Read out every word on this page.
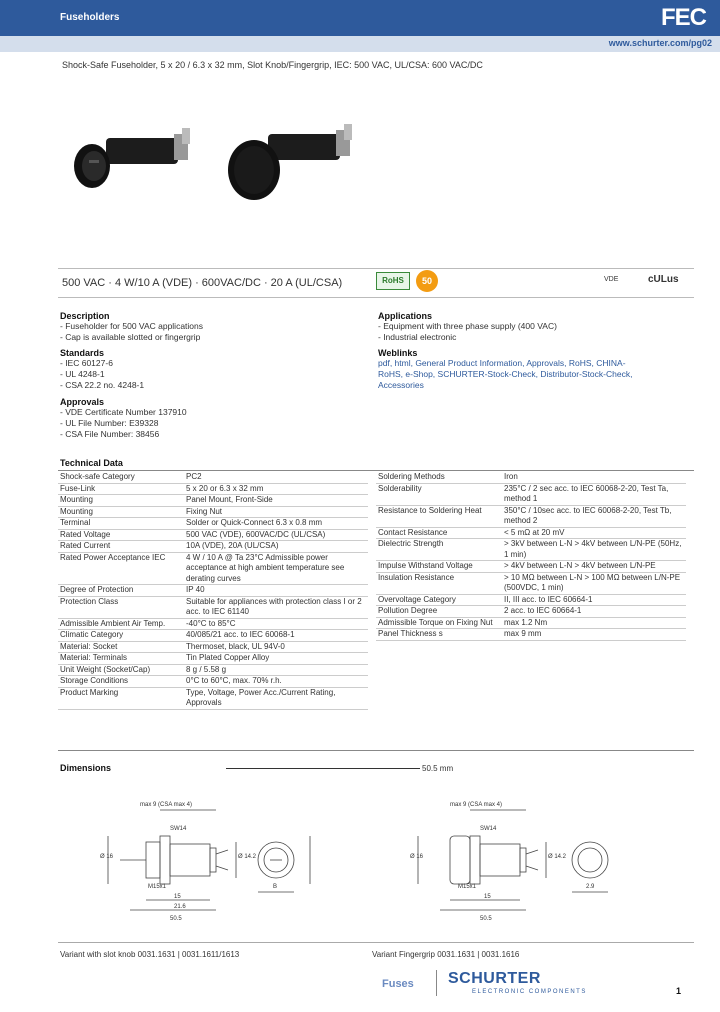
Fuseholders	FEC
www.schurter.com/pg02
Shock-Safe Fuseholder, 5 x 20 / 6.3 x 32 mm, Slot Knob/Fingergrip, IEC: 500 VAC, UL/CSA: 600 VAC/DC
500 VAC · 4 W/10 A (VDE) · 600VAC/DC · 20 A (UL/CSA)	RoHS	50	VDE	cULus
Description
- Fuseholder for 500 VAC applications
- Cap is available slotted or fingergrip
Standards
- IEC 60127-6
- UL 4248-1
- CSA 22.2 no. 4248-1
Approvals
- VDE Certificate Number 137910
- UL File Number: E39328
- CSA File Number: 38456
Applications
- Equipment with three phase supply (400 VAC)
- Industrial electronic
Weblinks
pdf, html, General Product Information, Approvals, RoHS, CHINA-
RoHS, e-Shop, SCHURTER-Stock-Check, Distributor-Stock-Check,
Accessories
Technical Data
Shock-safe Category	PC2
Fuse-Link	5 x 20 or 6.3 x 32 mm
Mounting	Panel Mount, Front-Side
Mounting	Fixing Nut
Terminal	Solder or Quick-Connect 6.3 x 0.8 mm
Rated Voltage	500 VAC (VDE), 600VAC/DC (UL/CSA)
Rated Current	10A (VDE), 20A (UL/CSA)
Rated Power Acceptance IEC	4 W / 10 A @ Ta 23°C Admissible power acceptance at high ambient temperature see derating curves
Degree of Protection	IP 40
Protection Class	Suitable for appliances with protection class I or 2 acc. to IEC 61140
Admissible Ambient Air Temp.	-40°C to 85°C
Climatic Category	40/085/21 acc. to IEC 60068-1
Material: Socket	Thermoset, black, UL 94V-0
Material: Terminals	Tin Plated Copper Alloy
Unit Weight (Socket/Cap)	8 g / 5.58 g
Storage Conditions	0°C to 60°C, max. 70% r.h.
Product Marking	Type, Voltage, Power Acc./Current Rating, Approvals
Soldering Methods	Iron
Solderability	235°C / 2 sec acc. to IEC 60068-2-20, Test Ta, method 1
Resistance to Soldering Heat	350°C / 10sec acc. to IEC 60068-2-20, Test Tb, method 2
Contact Resistance	< 5 mΩ at 20 mV
Dielectric Strength	> 3kV between L-N > 4kV between L/N-PE (50Hz, 1 min)
Impulse Withstand Voltage	> 4kV between L-N > 4kV between L/N-PE
Insulation Resistance	> 10 MΩ between L-N > 100 MΩ between L/N-PE (500VDC, 1 min)
Overvoltage Category	II, III acc. to IEC 60664-1
Pollution Degree	2 acc. to IEC 60664-1
Admissible Torque on Fixing Nut	max 1.2 Nm
Panel Thickness s	max 9 mm
Dimensions	50.5 mm
max 9 (CSA max 4)
SW14
M15x1
15
21.6
50.5
Ø 16	Ø 14.2
B
max 9 (CSA max 4)
SW14
M15x1
15
50.5
Ø 16	Ø 14.2
2.9
Variant with slot knob 0031.1631 | 0031.1611/1613	Variant Fingergrip 0031.1631 | 0031.1616
Fuses SCHURTER
ELECTRONIC COMPONENTS	1
